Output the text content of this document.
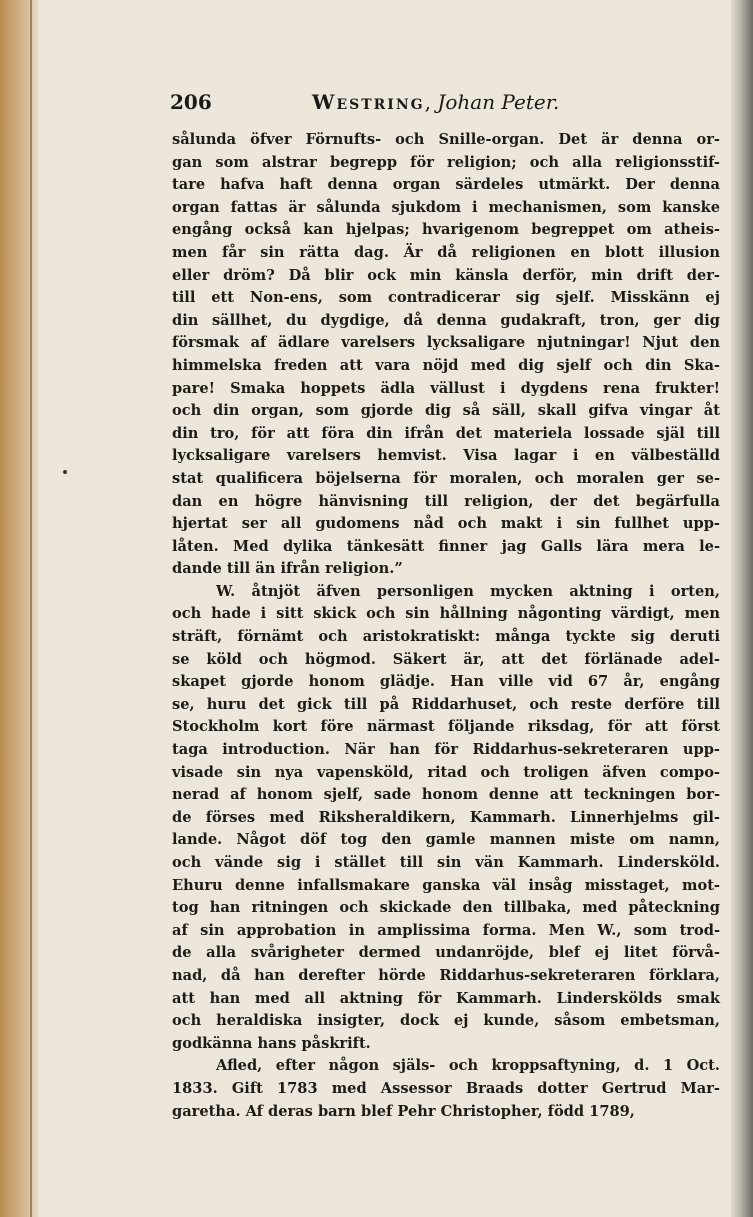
206	Westring, Johan Peter.
sålunda öfver Förnufts- och Snille-organ. Det är denna or-
gan som alstrar begrepp för religion; och alla religionsstif-
tare hafva haft denna organ särdeles utmärkt. Der denna
organ fattas är sålunda sjukdom i mechanismen, som kanske
engång också kan hjelpas; hvarigenom begreppet om atheis-
men får sin rätta dag. Är då religionen en blott illusion
eller dröm? Då blir ock min känsla derför, min drift der-
till ett Non-ens, som contradicerar sig sjelf. Misskänn ej
din sällhet, du dygdige, då denna gudakraft, tron, ger dig
försmak af ädlare varelsers lycksaligare njutningar! Njut den
himmelska freden att vara nöjd med dig sjelf och din Ska-
pare! Smaka hoppets ädla vällust i dygdens rena frukter!
och din organ, som gjorde dig så säll, skall gifva vingar åt
din tro, för att föra din ifrån det materiela lossade själ till
lycksaligare varelsers hemvist. Visa lagar i en välbeställd
stat qualificera böjelserna för moralen, och moralen ger se-
dan en högre hänvisning till religion, der det begärfulla
hjertat ser all gudomens nåd och makt i sin fullhet upp-
låten. Med dylika tänkesätt finner jag Galls lära mera le-
dande till än ifrån religion.”
W. åtnjöt äfven personligen mycken aktning i orten,
och hade i sitt skick och sin hållning någonting värdigt, men
sträft, förnämt och aristokratiskt: många tyckte sig deruti
se köld och högmod. Säkert är, att det förlänade adel-
skapet gjorde honom glädje. Han ville vid 67 år, engång
se, huru det gick till på Riddarhuset, och reste derföre till
Stockholm kort före närmast följande riksdag, för att först
taga introduction. När han för Riddarhus-sekreteraren upp-
visade sin nya vapensköld, ritad och troligen äfven compo-
nerad af honom sjelf, sade honom denne att teckningen bor-
de förses med Riksheraldikern, Kammarh. Linnerhjelms gil-
lande. Något döf tog den gamle mannen miste om namn,
och vände sig i stället till sin vän Kammarh. Lindersköld.
Ehuru denne infallsmakare ganska väl insåg misstaget, mot-
tog han ritningen och skickade den tillbaka, med påteckning
af sin approbation in amplissima forma. Men W., som trod-
de alla svårigheter dermed undanröjde, blef ej litet förvå-
nad, då han derefter hörde Riddarhus-sekreteraren förklara,
att han med all aktning för Kammarh. Linderskölds smak
och heraldiska insigter, dock ej kunde, såsom embetsman,
godkänna hans påskrift.
Afled, efter någon själs- och kroppsaftyning, d. 1 Oct.
1833. Gift 1783 med Assessor Braads dotter Gertrud Mar-
garetha. Af deras barn blef Pehr Christopher, född 1789,
